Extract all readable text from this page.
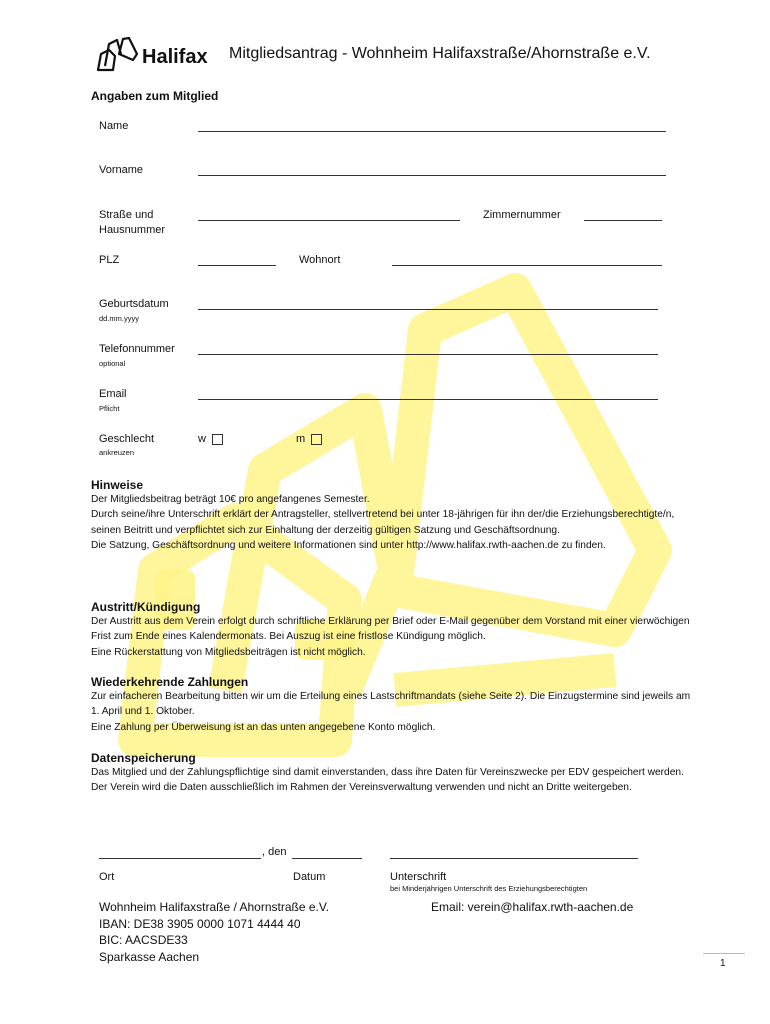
Halifax Mitgliedsantrag - Wohnheim Halifaxstraße/Ahornstraße e.V.
Angaben zum Mitglied
Name
Vorname
Straße und
Hausnummer
Zimmernummer
PLZ	Wohnort
Geburtsdatum
dd.mm.yyyy
Telefonnummer
optional
Email
Pflicht
Geschlecht
ankreuzen
w	m
Hinweise

Der Mitgliedsbeitrag beträgt 10€ pro angefangenes Semester.

Durch seine/ihre Unterschrift erklärt der Antragsteller, stellvertretend bei unter 18-jährigen für ihn der/die Erziehungsberechtigte/n, seinen Beitritt und verpflichtet sich zur Einhaltung der derzeitig gültigen Satzung und Geschäftsordnung.

Die Satzung, Geschäftsordnung und weitere Informationen sind unter http://www.halifax.rwth-aachen.de zu finden.

Austritt/Kündigung

Der Austritt aus dem Verein erfolgt durch schriftliche Erklärung per Brief oder E-Mail gegenüber dem Vorstand mit einer vierwöchigen Frist zum Ende eines Kalendermonats. Bei Auszug ist eine fristlose Kündigung möglich.

Eine Rückerstattung von Mitgliedsbeiträgen ist nicht möglich.

Wiederkehrende Zahlungen

Zur einfacheren Bearbeitung bitten wir um die Erteilung eines Lastschriftmandats (siehe Seite 2). Die Einzugstermine sind jeweils am 1. April und 1. Oktober.

Eine Zahlung per Überweisung ist an das unten angegebene Konto möglich.

Datenspeicherung

Das Mitglied und der Zahlungspflichtige sind damit einverstanden, dass ihre Daten für Vereinszwecke per EDV gespeichert werden. Der Verein wird die Daten ausschließlich im Rahmen der Vereinsverwaltung verwenden und nicht an Dritte weitergeben.

, den
Ort	Datum	Unterschrift
bei Minderjährigen Unterschrift des Erziehungsberechtigten
Wohnheim Halifaxstraße / Ahornstraße e.V.
IBAN: DE38 3905 0000 1071 4444 40
BIC: AACSDE33
Sparkasse Aachen
Email: verein@halifax.rwth-aachen.de
1
